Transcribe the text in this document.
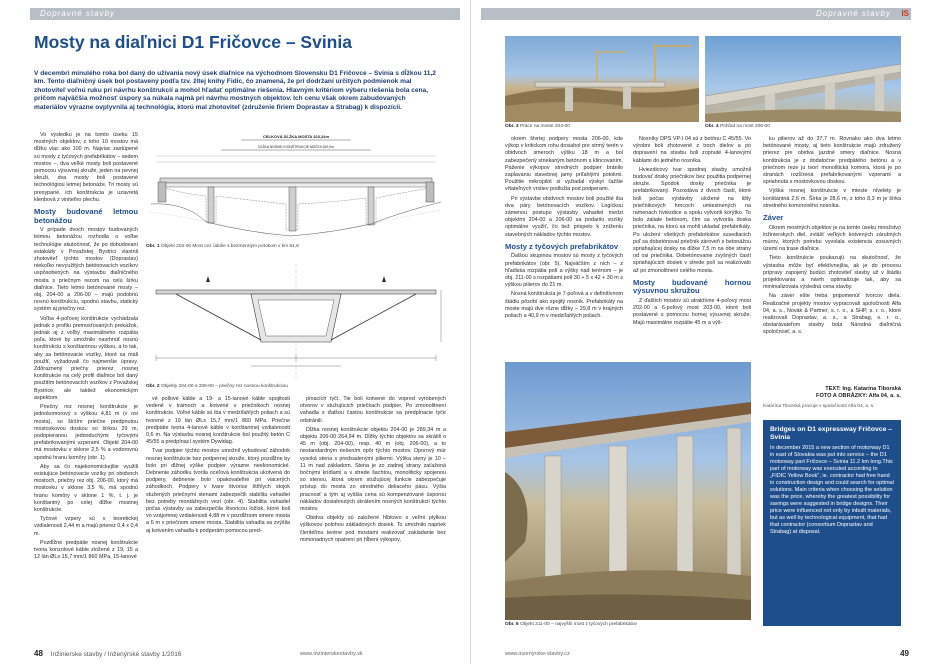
Dopravné stavby
Mosty na diaľnici D1 Fričovce – Svinia

V decembri minulého roka bol daný do užívania nový úsek diaľnice na východnom Slovensku D1 Fričovce – Svinia s dĺžkou 11,2 km. Tento diaľničný úsek bol postavený podľa tzv. žltej knihy Fidic, čo znamená, že pri dodržaní určitých podmienok mal zhotoviteľ voľnú ruku pri návrhu konštrukcií a mohol hľadať optimálne riešenia. Hlavným kritériom výberu riešenia bola cena, pričom najväčšia možnosť úspory sa núkala najmä pri návrhu mostných objektov. Ich cenu však okrem zabudovaných materiálov výrazne ovplyvnila aj technológia, ktorú mal zhotoviteľ (združenie firiem Doprastav a Strabag) k dispozícii.

Vo výsledku je na tomto úseku 15 mostných objektov, z toho 10 mostov má dĺžku viac ako 100 m. Najviac zastúpené sú mosty z tyčových prefabrikátov – sedem mostov –, dva veľké mosty boli postavené pomocou výsuvnej skruže, jeden na pevnej skruži, dva mosty boli postavené technológiou letmej betonáže. Tri mosty sú presypané, ich konštrukcia je uzavretá klenbová z viniteľno plechu.

Mosty budované letmou betonážou

V prípade dvoch mostov budovaných letmou betonážou rozhodla o voľbe technológie skutočnosť, že po dobudovaní estakády v Považskej Bystrici vlastnil zhotoviteľ týchto mostov (Doprastav) niekoľko nevyužitých betónovacích vozíkov uspôsobených na výstavbu diaľničného mosta s priečnym rezom na celú šírku diaľnice. Tieto letmo betónované mosty – obj. 204-00 a 206-00 – majú podobnú nosnú konštrukciu, spodnú stavbu, statický systém aj priečny rez.

Voľba 4-poľovej konštrukcie vychádzala jednak z profilu premosťovaných prekážok, jednak aj z voľby maximálneho rozpätia poľa, ktoré by umožnilo navrhnúť nosnú konštrukciu s konštantnou výškou, a to tak, aby sa betónovacie vozíky, ktoré sa mali použiť, vyžadovali čo najmenšie úpravy. Zdôraznený priečny prierez nosnej konštrukcie na celý profil diaľnice bol daný použitím betónovacích vozíkov z Považskej Bystrice, ale taktiež ekonomickým aspektom.

Priečny rez nosnej konštrukcie je jednokomorový s výškou 4,81 m (v osi mosta), so širším priečne predpnutou mostovkovou doskou so šírkou 29 m, podopieranou jednoduchými tyčovými prefabrikovanými vzperami. Objekt 204-00 má mostovku v sklone 2,5 % a vodorovnú spodnú hranu komôry (obr. 1).

Aby sa čo najekonomickejšie využili existujúce betónovacie vozíky pri obidvoch mostoch, priečny rez obj. 206-00, ktorý má mostovku v sklone 3,5 %, má spodnú hranu komôry v sklone 1 %, t. j. je konštantný po celej dĺžke mostnej konštrukcie.

Tyčové vzpery sú v teoretickej vzdialenosti 2,44 m a majú prierez 0,4 x 0,4 m.

Pozdĺžne predpätie nosnej konštrukcie tvoria konzolové káble zložené z 19, 15 a 12 lán ØLs 15,7 mm/1 860 MPa, 15-lanové

CELKOVÁ DĹŽKA MOSTA 323,34m
DĹŽKA NOSNEJ KONŠTRUKCIE MOSTA 320,0m
Obr. 1 Objekt 204-00 Most cez údolie s bezmenným potokom v km 81,8
Obr. 2 Objekty 204-00 a 206-00 – priečny rez nosnou konštrukciou

vé pollové káble a 19- a 15-lanové káble spojitosti vedené v trámoch a kotvené v priečnikoch nosnej konštrukcie. Voľné káble sú iba v medziľahlých poliach a sú tvorené z 19 lán ØLs 15,7 mm/1 860 MPa. Priečne predpätie tvoria 4-lanové káble v konštantnej vzdialenosti 0,6 m. Na výstavbu nosnej konštrukcie bol použitý betón C 45/55 a predpínací systém Dywidag.

Tvar podpier týchto mostov umožnil vybudovať záhodok nosnej konštrukcie bez podpernej skruže, ktorý pozdĺžne by bolo pri dĺžnej výške podpier výrazne neekonomické. Debnenie záhodku tvorila oceľová konštrukcia ukotvená do podpery, debnenie bolo opakovateľné pri viacerých záhodkoch. Podpery v tvare štvorice štíhlych stojok stužených priečnymi stenami zabezpečili stabilitu vahadiel bez potreby montážnych vezí (obr. 4). Stabilita vahadiel počas výstavby sa zabezpečila štvoricou ložísk, ktoré boli vo vzájomnej vzdialenosti 4,88 m v pozdĺžnom smere mosta a 6 m v priečnom smere mosta. Stabilita vahadla sa zvýšila aj kotvením vahadla k podperám pomocou pred-

pínacích tyčí. Tie boli kotvené do vopred vyrobených otvorov v stužujúcich priečkach podpier. Po zmonolitnení vahadla s ďalšou častou konštrukcie sa predpínacie tyče odstránili.

Dĺžka nosnej konštrukcie objektu 204-00 je 289,34 m a objektu 206-00 264,94 m. Dĺžky týchto objektov sa skrátili o 45 m (obj. 204-00), resp. 40 m (obj. 206-00), a to nestandardným riešením opôr týchto mostov. Oporový múr vysoká stena s predsadenými piliermi. Výška steny je 10 – 11 m nad základom. Stena je zo zadnej strany zaťažená bočnými krídlami a v strede šachtou, monoliticky spojenou so stenou, ktorá okrem stužujúcej funkcie zabezpečuje prístup do mosta zo stredného deliaceho pásu. Výšia pracnosť a tým aj vyššia cena sú kompenzované úsporou nákladov dosiahnutých skrátením nosných konštrukcií týchto mostov.

Obidva objekty sú založené hĺbkovo s veľmi plytkou výškovou polohou základových dosiek. To umožnilo napriek čleriteľmu teréne pod mostami realizovať zakladanie bez mimoriadnych opatrení pri hĺbení výkopov,

48 Inžinierske stavby / Inženýrské stavby 1/2016	www.inzinierskestavby.sk
Dopravné stavby IS
Obr. 3 Práce na moste 204-00	Obr. 4 Pohľad na most 206-00

okrem štvrtej podpery mosta 206-00, kde výkop v kritickom rohu dosiahol pre strmý terén v obidvoch smeroch výšku 18 m a bol zabezpečený striekaným betónom s klincovaním. Paženie výkopov stredných podpier bránilo zapĺavaniu stavebnej jamy priľahlými potokmi. Použitie mikropilót si vyžiadal výskyt ťažšie vŕtateľných vrstiev podložia pod podperami.

Pri výstavbe obidvoch mostov boli použité iba dva páry betónovacích vozíkov. Logickou zámenou postupu výstavby vahadiel medzi objektmi 204-00 a 206-00 sa podarilo vozíky optimálne využiť, čo tiež prispelo k zníženiu stavebných nákladov týchto mostov.

Mosty z tyčových prefabrikátov

Ďalšou skupinou mostov sú mosty z tyčových prefabrikátov (obr. 5). Najväčším z nich – z hľadiska rozpätia polí a výšky nad terénom – je obj. 211-00 s rozpätiami polí 30 + 5 x 42 + 30 m s výškou pilierov do 21 m.

Nosná konštrukcia je 7-poľová a v definitívnom štádiu pôsobí ako spojitý nosník. Prefabrikáty na moste majú dve rôzne dĺžky – 29,8 m v krajných poliach a 40,9 m v medziľahlých poliach.

Nosníky DPS VP-I 04 sú z betónu C 45/55. Vo výrobni boli zhotovené z troch dielov a po dopravení na stavbu boli zopnuté 4-lanovými káblami do jedného nosníka.

Hviezdicový tvar spodnej stavby umožnil budovať dosky priečnikov bez použitia podpernej skruže. Spodok dosky priečnika je prefabrikovaný. Pozostáva z dvoch častí, ktoré boli počas výstavby uložené na lišty priečnikových hrncoch umiestnených na ramenách hviezdice a spolu vytvorili korýtko. To bolo zaliate betónom, čím sa vytvorila doska priečnika, na ktorú sa mohli ukladať prefabrikáty. Po uložení všetkých prefabrikátov susediacich poľ sa dobetónoval priečnik zároveň s betonážou spriahajúcej dosky na dĺžke 7,5 m na obe strany od osi priečnika. Dobetónovanie zvyšných častí spriahajúcich dosiek v strede polí sa realizovalo až po zmonolitnení celého mosta.

Mosty budované hornou výsuvnou skružou

Z ďalších mostov sú atraktívne 4-poľový most 202-00 a 6-poľový most 203-00, ktoré boli postavené s pomocou hornej výsuvnej skruže. Majú maximálne rozpätie 45 m a výš-

Obr. 5 Objekt 211-00 – najvyšší most z tyčových prefabrikátov

ku pilierov až do 37,7 m. Rovnako ako dva letmo betónované mosty, aj tieto konštrukcie majú združený prierez pre obidva jazdné smery diaľnice. Nosná konštrukcia je z dodatočne predpätého betónu a v priečnom reze ju tvorí monolitická komora, ktorá je po stranách rozšírená prefabrikovanými vzperami a spriahnutá s mostovkovou doskou.

Výška nosnej konštrukcie v mieste nivelety je konštantná 2,6 m. Šírka je 28,6 m, z toho 8,3 m je šírka stredného komorového nosníka.

Záver

Okrem mostných objektov je na tomto úseku množstvo inžinierskych diel, zvlášť veľkých kotvených zárubných múrov, ktorých potrebu vyvolala existencia zosuvných území na trase diaľnice.

Tieto konštrukcie poukazujú na skutočnosť, že výstavba môže byť efektívnejšia, ak je do procesu prípravy zapojený budúci zhotoviteľ stavby už v štádiu projektovania a návrh optimalizuje tak, aby sa minimalizovala výsledná cena stavby.

Na záver ešte treba pripomenúť tvorcov diela. Realizačné projekty mostov vypracovali spoločnosti Alfa 04, a. s., Novák & Partner, s. r. o., a SHP, s. r. o., ktoré realizovali Doprastav, a. s., a Strabag, s. r. o., obstarávateľom stavby bola Národná diaľničná spoločnosť, a. s.

TEXT: Ing. Katarína Tiborská
FOTO A OBRÁZKY: Alfa 04, a. s.
Katarína Tiborská pracuje v spoločnosti Alfa 04, a. s.
Bridges on D1 expressway Fričovce – Svinia

In december 2015 a new section of motorway D1 in east of Slovakia was put into service – the D1 motorway part Fričovce – Svinia 11.2 km long.This part of motorway was executed according to „FIDIC Yellow Book", ie. contractor had free hand in construction design and could search for optimal solutions. Main criteria when choosing the solution was the price, whereby the greatest possibility for savings were suggested in bridge designs. Their price were influenced not only by inbuilt materials, but as well by technological equipment, that had that contractor (consortium Doprastav and Strabag) at disposal.

www.inzenyrske-stavby.cz	49
